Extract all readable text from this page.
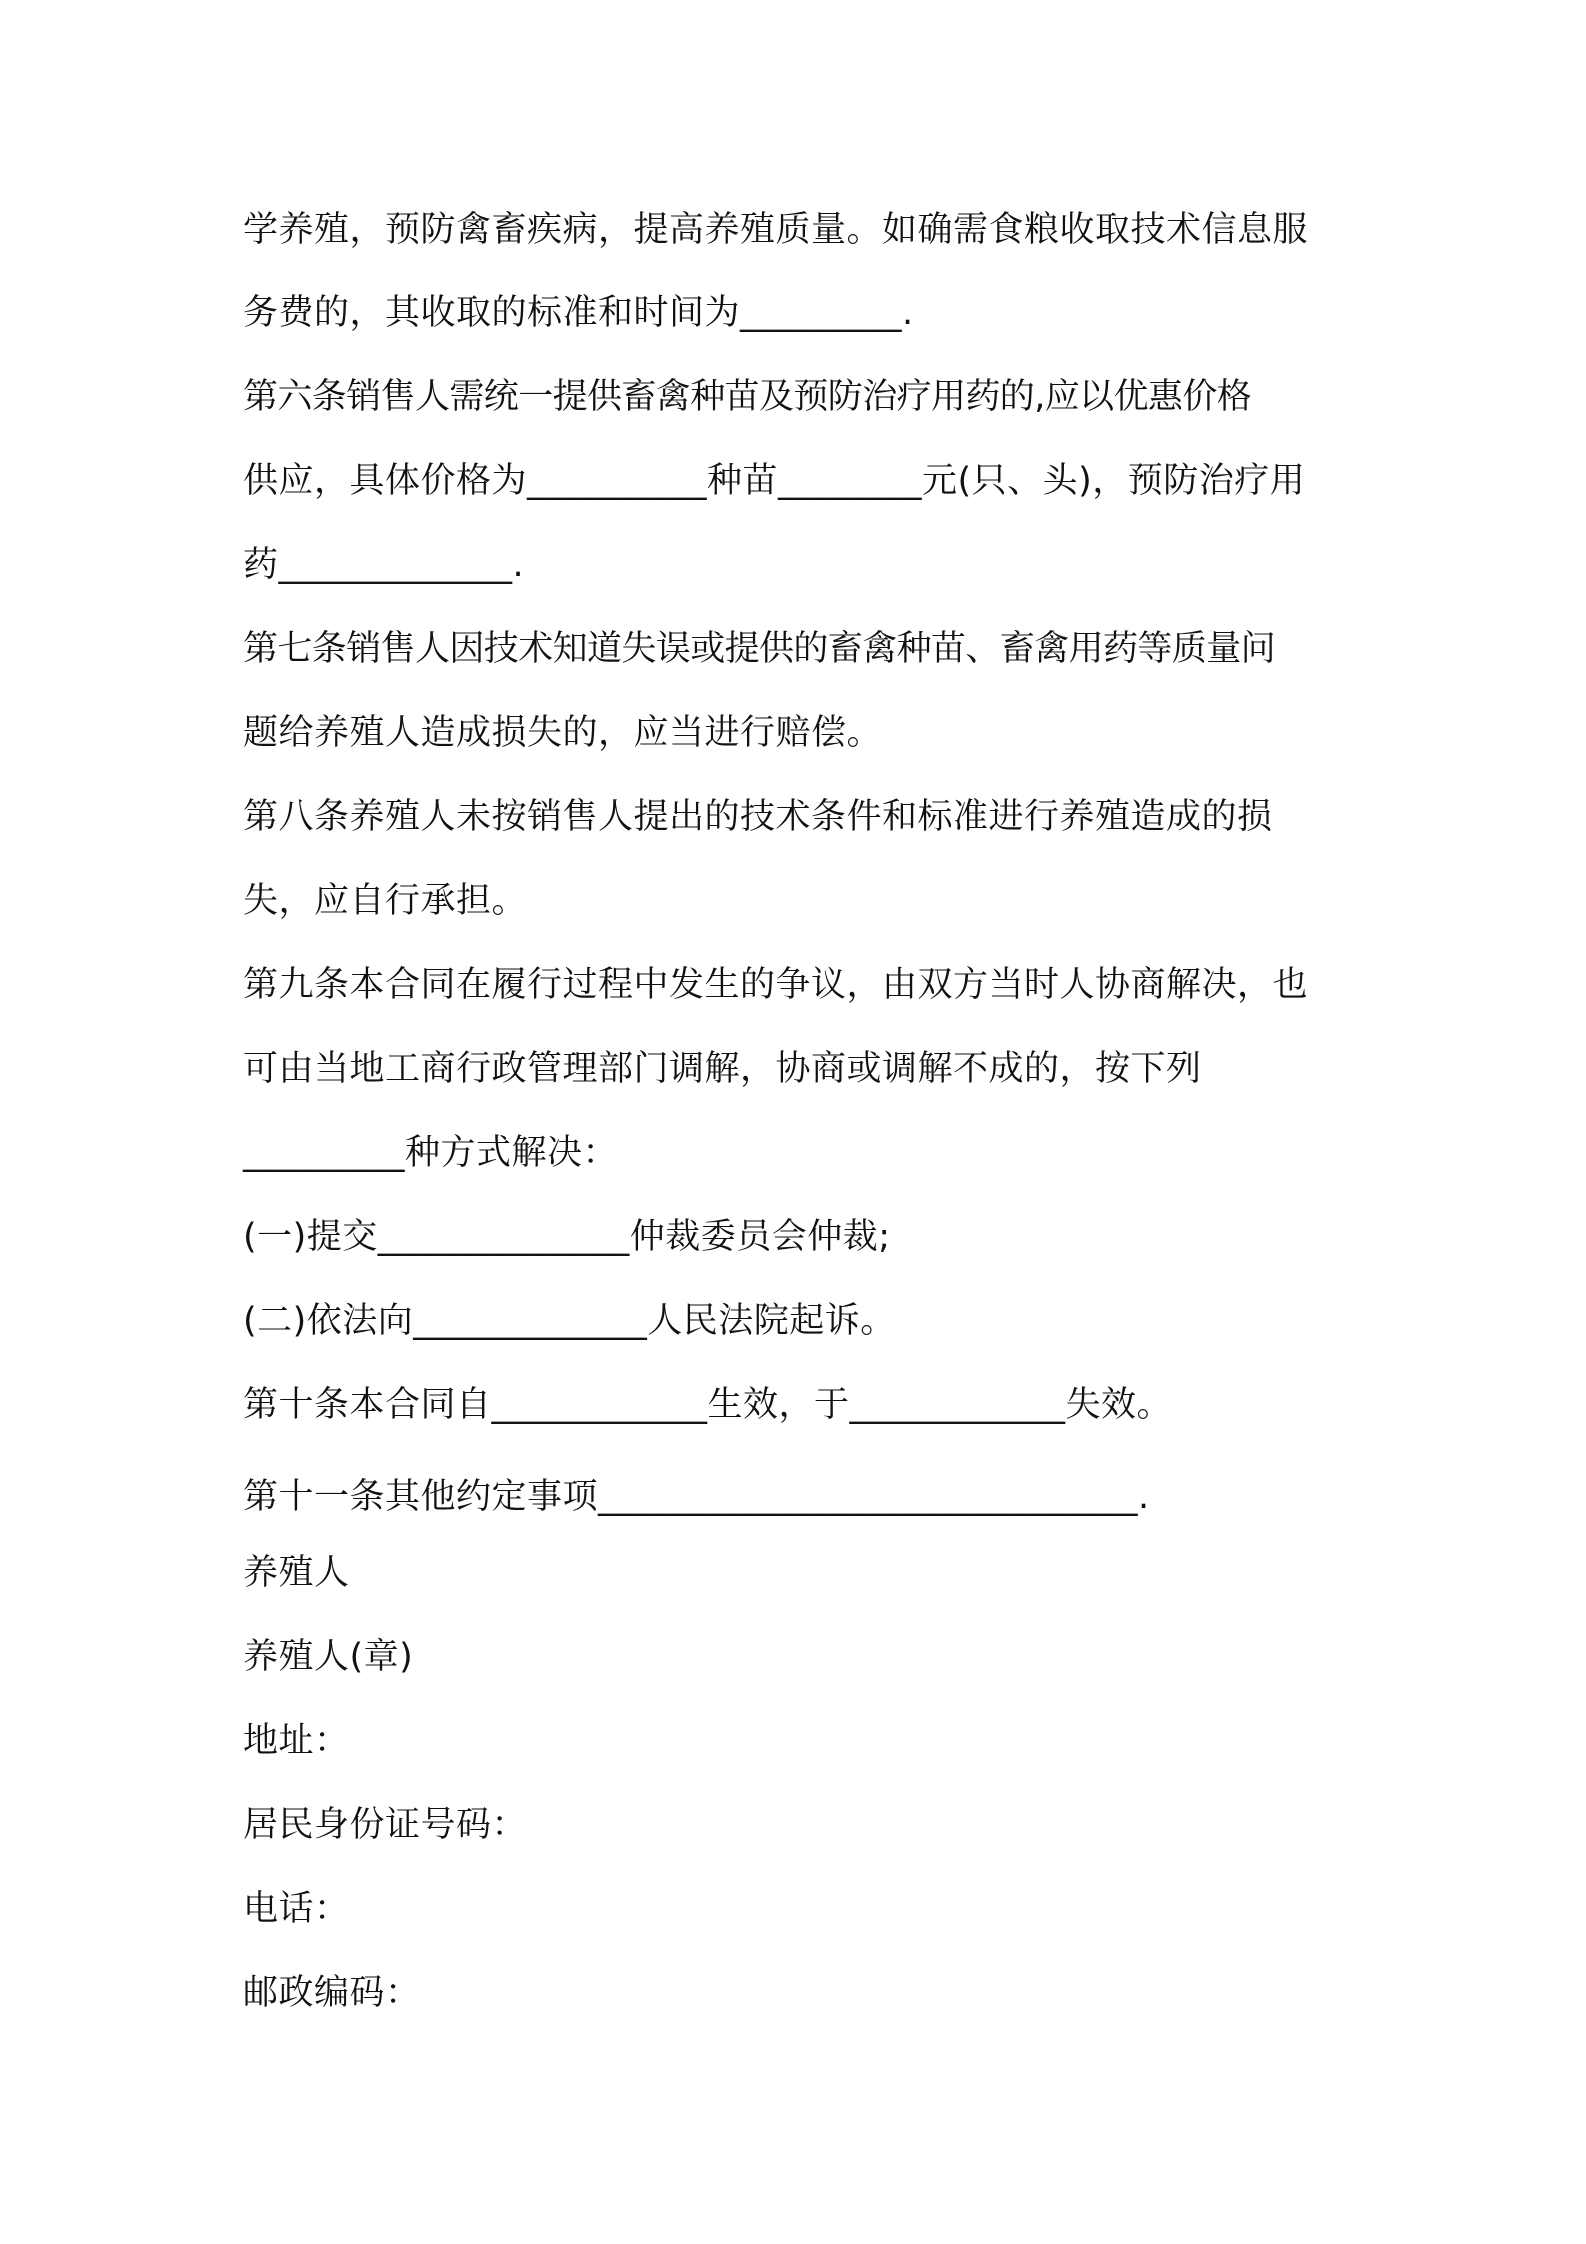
学养殖，预防禽畜疾病，提高养殖质量。如确需食粮收取技术信息服
务费的，其收取的标准和时间为_________.
第六条销售人需统一提供畜禽种苗及预防治疗用药的,应以优惠价格
供应，具体价格为__________种苗________元(只、头)，预防治疗用
药_____________.
第七条销售人因技术知道失误或提供的畜禽种苗、畜禽用药等质量问
题给养殖人造成损失的，应当进行赔偿。
第八条养殖人未按销售人提出的技术条件和标准进行养殖造成的损
失，应自行承担。
第九条本合同在履行过程中发生的争议，由双方当时人协商解决，也
可由当地工商行政管理部门调解，协商或调解不成的，按下列
_________种方式解决：
(一)提交______________仲裁委员会仲裁;
(二)依法向_____________人民法院起诉。
第十条本合同自____________生效，于____________失效。
第十一条其他约定事项______________________________.
养殖人
养殖人(章)
地址：
居民身份证号码：
电话：
邮政编码：
